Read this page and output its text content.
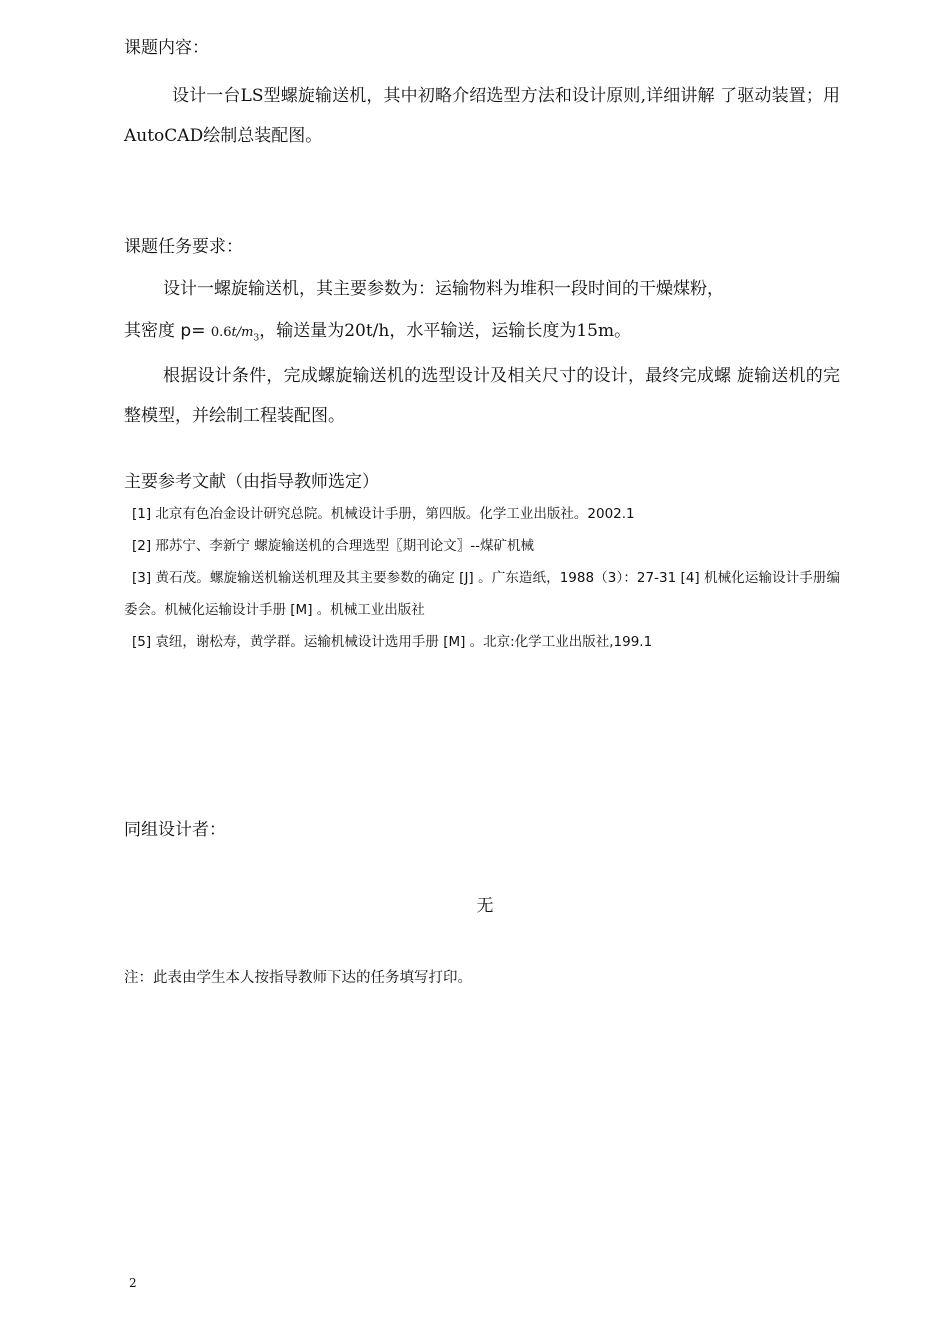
课题内容：

设计一台LS型螺旋输送机，其中初略介绍选型方法和设计原则,详细讲解 了驱动装置；用AutoCAD绘制总装配图。

课题任务要求：

设计一螺旋输送机，其主要参数为：运输物料为堆积一段时间的干燥煤粉，

其密度 $p= 0.6t/m_3$，输送量为20t/h，水平输送，运输长度为15m。

根据设计条件，完成螺旋输送机的选型设计及相关尺寸的设计，最终完成螺 旋输送机的完整模型，并绘制工程装配图。

主要参考文献（由指导教师选定）

[1] 北京有色冶金设计研究总院。机械设计手册，第四版。化学工业出版社。2002.1

[2] 邢苏宁、李新宁 螺旋输送机的合理选型〖期刊论文〗--煤矿机械

[3] 黄石茂。螺旋输送机输送机理及其主要参数的确定 [J] 。广东造纸，1988（3）：27-31 [4] 机械化运输设计手册编委会。机械化运输设计手册 [M] 。机械工业出版社

[5] 袁纽，谢松寿，黄学群。运输机械设计选用手册 [M] 。北京:化学工业出版社,199.1

同组设计者：

无

注：此表由学生本人按指导教师下达的任务填写打印。

2
